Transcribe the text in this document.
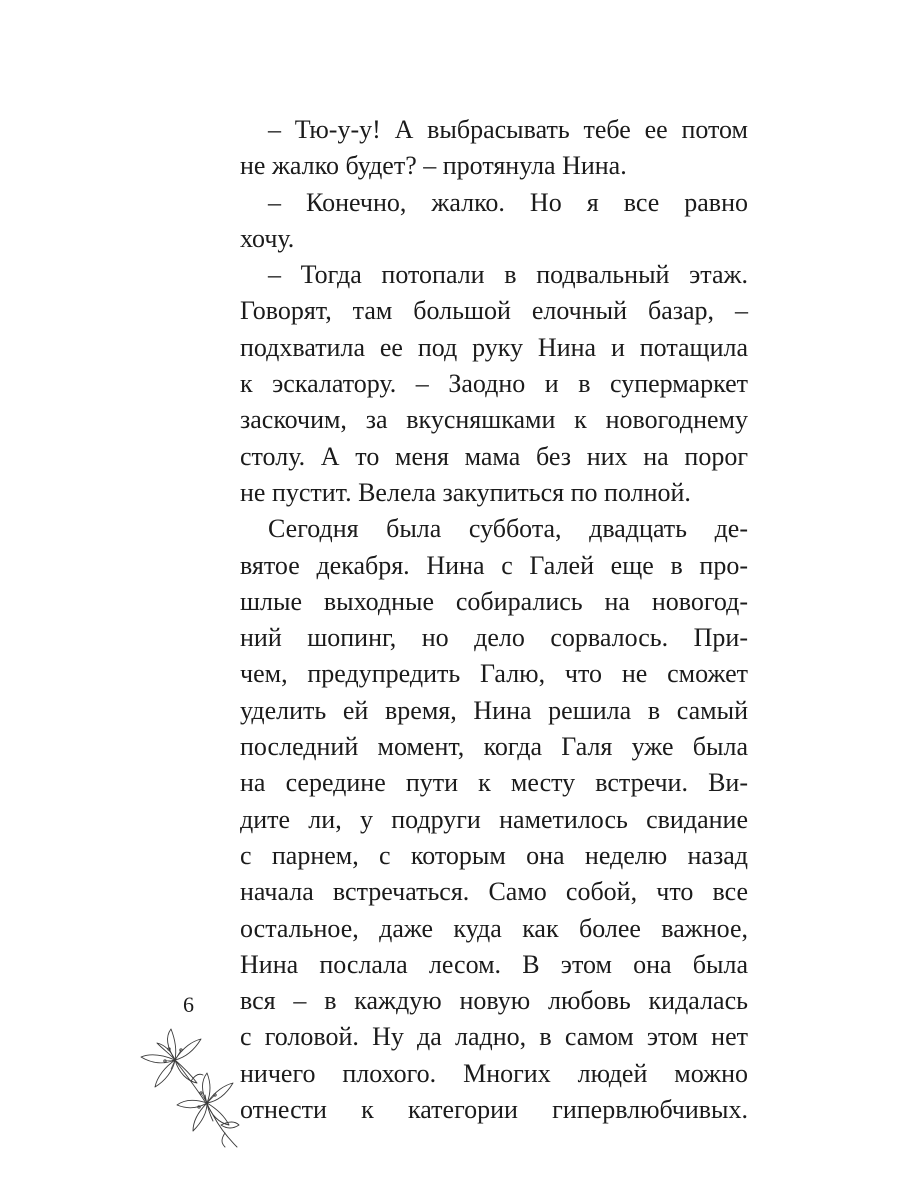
– Тю-у-у! А выбрасывать тебе ее потом
не жалко будет? – протянула Нина.
– Конечно, жалко. Но я все равно
хочу.
– Тогда потопали в подвальный этаж.
Говорят, там большой елочный базар, –
подхватила ее под руку Нина и потащила
к эскалатору. – Заодно и в супермаркет
заскочим, за вкусняшками к новогоднему
столу. А то меня мама без них на порог
не пустит. Велела закупиться по полной.
Сегодня была суббота, двадцать де-
вятое декабря. Нина с Галей еще в про-
шлые выходные собирались на новогод-
ний шопинг, но дело сорвалось. При-
чем, предупредить Галю, что не сможет
уделить ей время, Нина решила в самый
последний момент, когда Галя уже была
на середине пути к месту встречи. Ви-
дите ли, у подруги наметилось свидание
с парнем, с которым она неделю назад
начала встречаться. Само собой, что все
остальное, даже куда как более важное,
Нина послала лесом. В этом она была
вся – в каждую новую любовь кидалась
с головой. Ну да ладно, в самом этом нет
ничего плохого. Многих людей можно
отнести к категории гипервлюбчивых.
6
